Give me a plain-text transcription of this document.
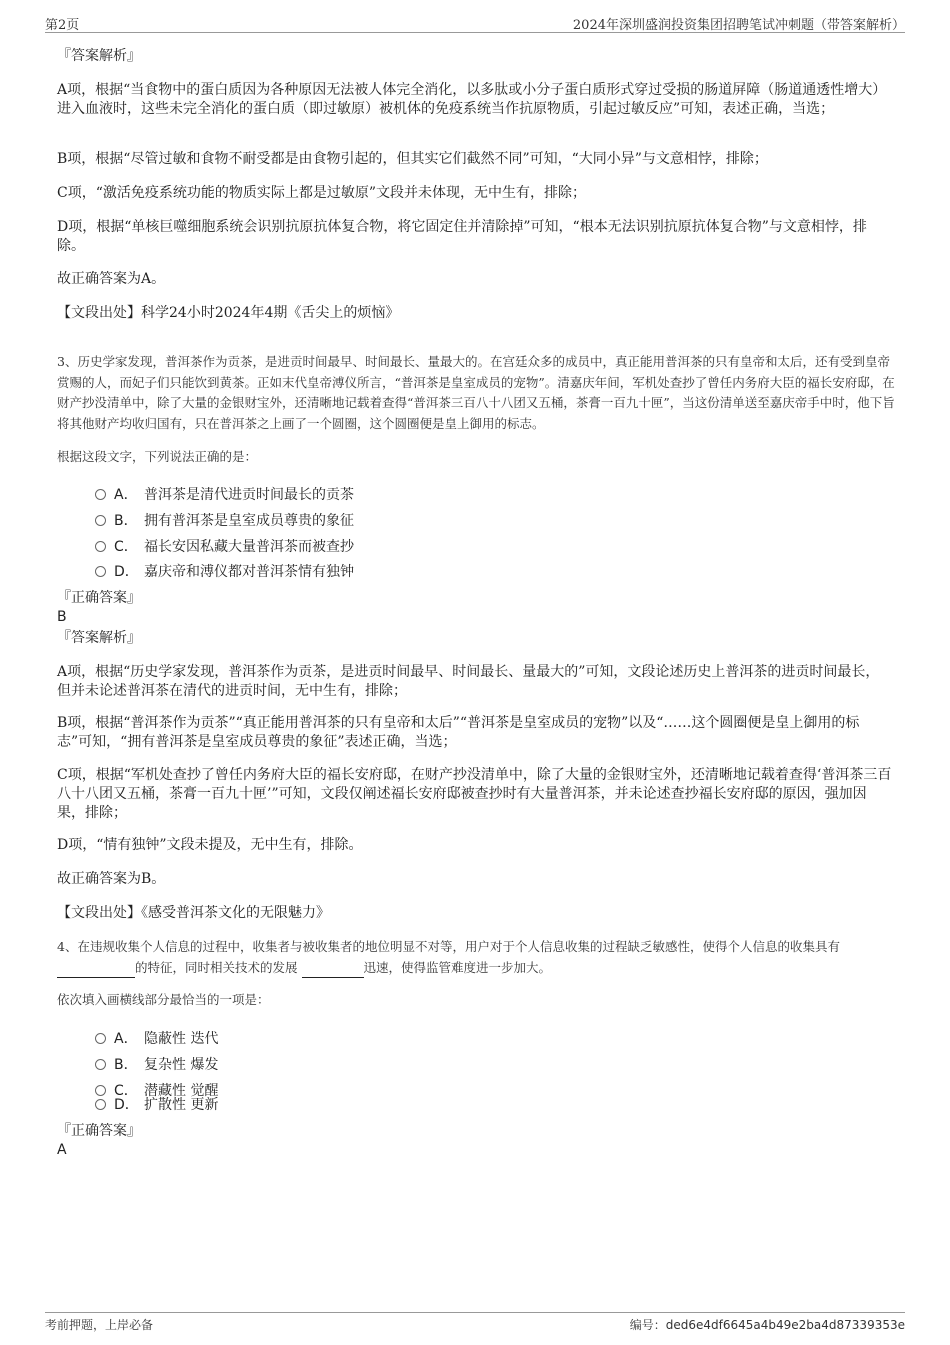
第2页	2024年深圳盛润投资集团招聘笔试冲刺题（带答案解析）
『答案解析』
A项，根据“当食物中的蛋白质因为各种原因无法被人体完全消化，以多肽或小分子蛋白质形式穿过受损的肠道屏障（肠道通透性增大）进入血液时，这些未完全消化的蛋白质（即过敏原）被机体的免疫系统当作抗原物质，引起过敏反应”可知，表述正确，当选；
B项，根据“尽管过敏和食物不耐受都是由食物引起的，但其实它们截然不同”可知，“大同小异”与文意相悖，排除；
C项，“激活免疫系统功能的物质实际上都是过敏原”文段并未体现，无中生有，排除；
D项，根据“单核巨噬细胞系统会识别抗原抗体复合物，将它固定住并清除掉”可知，“根本无法识别抗原抗体复合物”与文意相悖，排除。
故正确答案为A。
【文段出处】科学24小时2024年4期《舌尖上的烦恼》
3、历史学家发现，普洱茶作为贡茶，是进贡时间最早、时间最长、量最大的。在宫廷众多的成员中，真正能用普洱茶的只有皇帝和太后，还有受到皇帝赏赐的人，而妃子们只能饮到黄茶。正如末代皇帝溥仪所言，“普洱茶是皇室成员的宠物”。清嘉庆年间，军机处查抄了曾任内务府大臣的福长安府邸，在财产抄没清单中，除了大量的金银财宝外，还清晰地记载着查得“普洱茶三百八十八团又五桶，茶膏一百九十匣”，当这份清单送至嘉庆帝手中时，他下旨将其他财产均收归国有，只在普洱茶之上画了一个圆圈，这个圆圈便是皇上御用的标志。
根据这段文字，下列说法正确的是：
A． 普洱茶是清代进贡时间最长的贡茶
B． 拥有普洱茶是皇室成员尊贵的象征
C． 福长安因私藏大量普洱茶而被查抄
D． 嘉庆帝和溥仪都对普洱茶情有独钟
『正确答案』
B
『答案解析』
A项，根据“历史学家发现，普洱茶作为贡茶，是进贡时间最早、时间最长、量最大的”可知，文段论述历史上普洱茶的进贡时间最长，但并未论述普洱茶在清代的进贡时间，无中生有，排除；
B项，根据“普洱茶作为贡茶”“真正能用普洱茶的只有皇帝和太后”“普洱茶是皇室成员的宠物”以及“……这个圆圈便是皇上御用的标志”可知，“拥有普洱茶是皇室成员尊贵的象征”表述正确，当选；
C项，根据“军机处查抄了曾任内务府大臣的福长安府邸，在财产抄没清单中，除了大量的金银财宝外，还清晰地记载着查得‘普洱茶三百八十八团又五桶，茶膏一百九十匣’”可知，文段仅阐述福长安府邸被查抄时有大量普洱茶，并未论述查抄福长安府邸的原因，强加因果，排除；
D项，“情有独钟”文段未提及，无中生有，排除。
故正确答案为B。
【文段出处】《感受普洱茶文化的无限魅力》
4、在违规收集个人信息的过程中，收集者与被收集者的地位明显不对等，用户对于个人信息收集的过程缺乏敏感性，使得个人信息的收集具有的特征，同时相关技术的发展	迅速，使得监管难度进一步加大。
依次填入画横线部分最恰当的一项是：
A． 隐蔽性 迭代
B． 复杂性 爆发
C． 潜藏性 觉醒
D． 扩散性 更新
『正确答案』
A
考前押题，上岸必备	编号：ded6e4df6645a4b49e2ba4d87339353e
